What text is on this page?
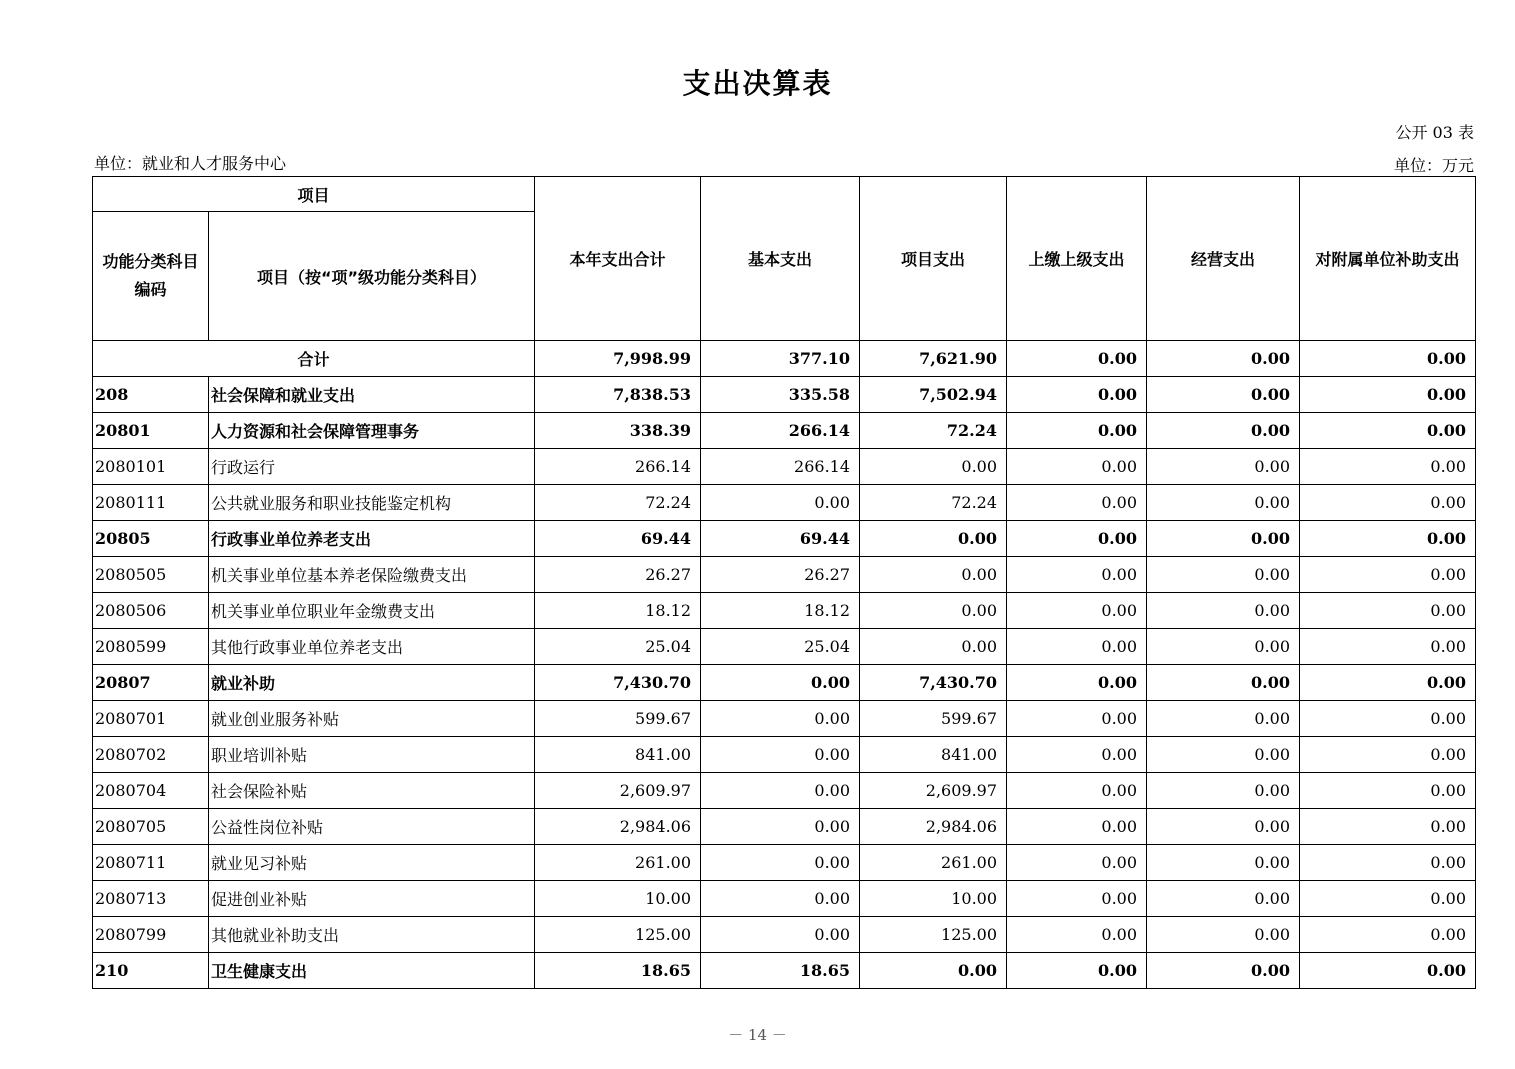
支出决算表
公开 03 表
单位：就业和人才服务中心	单位：万元
项目		本年支出合计	基本支出	项目支出	上缴上级支出	经营支出	对附属单位补助支出
功能分类科目编码	项目（按“项”级功能分类科目）						
合计		7,998.99	377.10	7,621.90	0.00	0.00	0.00
208	社会保障和就业支出	7,838.53	335.58	7,502.94	0.00	0.00	0.00
20801	人力资源和社会保障管理事务	338.39	266.14	72.24	0.00	0.00	0.00
2080101	行政运行	266.14	266.14	0.00	0.00	0.00	0.00
2080111	公共就业服务和职业技能鉴定机构	72.24	0.00	72.24	0.00	0.00	0.00
20805	行政事业单位养老支出	69.44	69.44	0.00	0.00	0.00	0.00
2080505	机关事业单位基本养老保险缴费支出	26.27	26.27	0.00	0.00	0.00	0.00
2080506	机关事业单位职业年金缴费支出	18.12	18.12	0.00	0.00	0.00	0.00
2080599	其他行政事业单位养老支出	25.04	25.04	0.00	0.00	0.00	0.00
20807	就业补助	7,430.70	0.00	7,430.70	0.00	0.00	0.00
2080701	就业创业服务补贴	599.67	0.00	599.67	0.00	0.00	0.00
2080702	职业培训补贴	841.00	0.00	841.00	0.00	0.00	0.00
2080704	社会保险补贴	2,609.97	0.00	2,609.97	0.00	0.00	0.00
2080705	公益性岗位补贴	2,984.06	0.00	2,984.06	0.00	0.00	0.00
2080711	就业见习补贴	261.00	0.00	261.00	0.00	0.00	0.00
2080713	促进创业补贴	10.00	0.00	10.00	0.00	0.00	0.00
2080799	其他就业补助支出	125.00	0.00	125.00	0.00	0.00	0.00
210	卫生健康支出	18.65	18.65	0.00	0.00	0.00	0.00
－ 14 －
